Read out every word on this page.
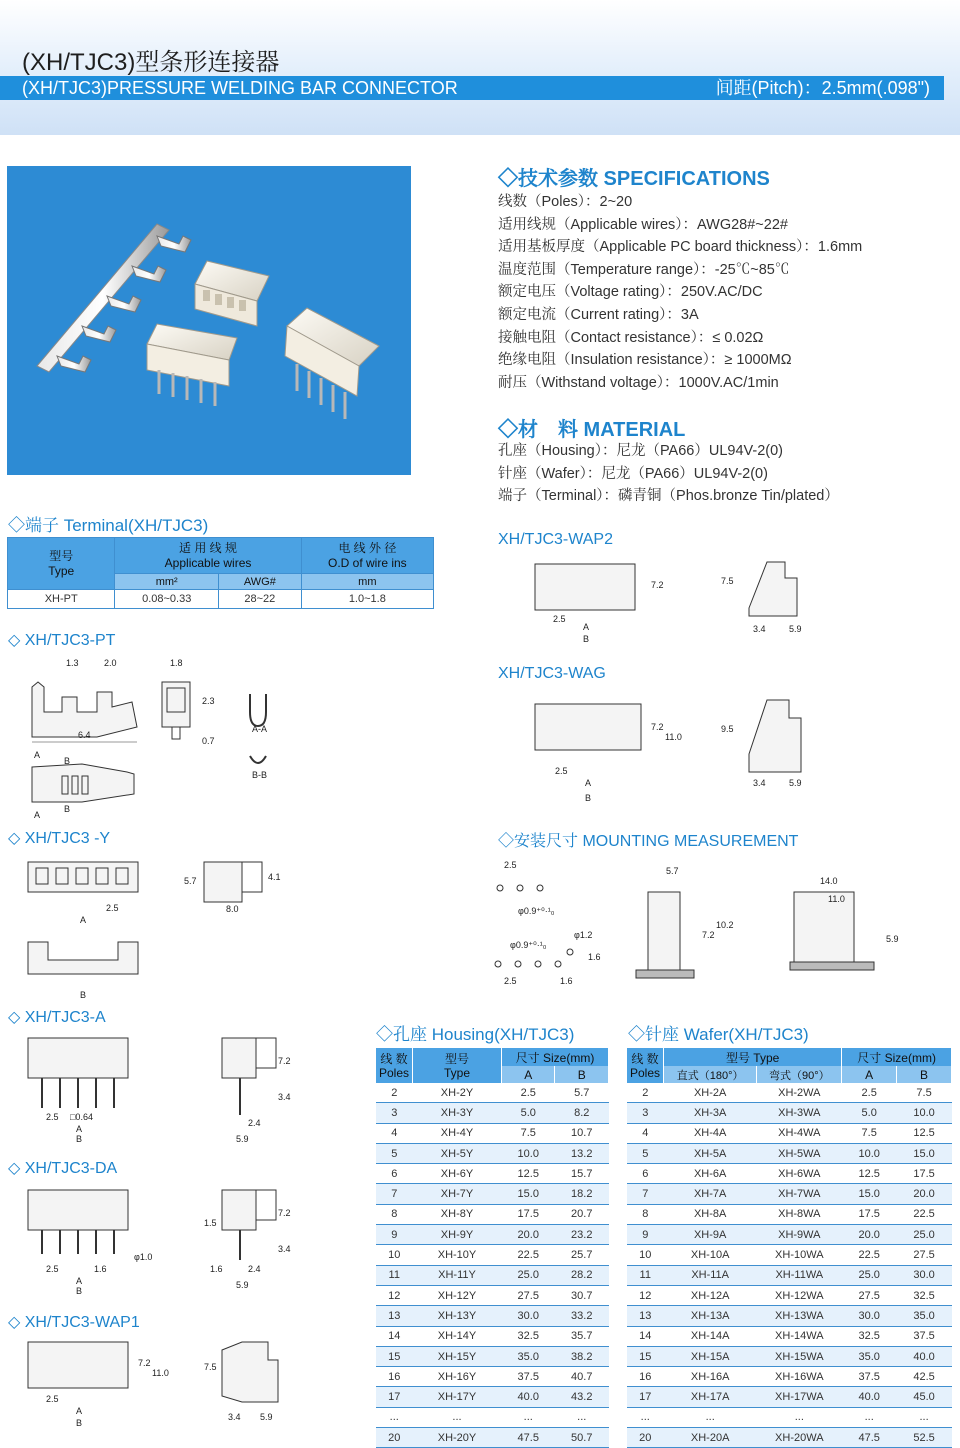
(XH/TJC3)型条形连接器
(XH/TJC3)PRESSURE WELDING BAR CONNECTOR	间距(Pitch)：2.5mm(.098")
◇技术参数 SPECIFICATIONS
线数（Poles）：2~20
适用线规（Applicable wires）：AWG28#~22#
适用基板厚度（Applicable PC board thickness）：1.6mm
温度范围（Temperature range）：-25℃~85℃
额定电压（Voltage rating）：250V.AC/DC
额定电流（Current rating）：3A
接触电阻（Contact resistance）：≤ 0.02Ω
绝缘电阻（Insulation resistance）：≥ 1000MΩ
耐压（Withstand voltage）：1000V.AC/1min
◇材　料 MATERIAL
孔座（Housing）：尼龙（PA66）UL94V-2(0)
针座（Wafer）：尼龙（PA66）UL94V-2(0)
端子（Terminal）：磷青铜（Phos.bronze Tin/plated）
◇端子 Terminal(XH/TJC3)
型号
Type	适 用 线 规
Applicable wires		电 线 外 径
O.D of wire ins
	mm²	AWG#	mm
XH-PT	0.08~0.33	28~22	1.0~1.8
◇ XH/TJC3-PT
◇ XH/TJC3 -Y
◇ XH/TJC3-A
◇ XH/TJC3-DA
◇ XH/TJC3-WAP1
XH/TJC3-WAP2
XH/TJC3-WAG
◇安装尺寸 MOUNTING MEASUREMENT
1.3	2.0
6.4
1.8
2.3
0.7
A-A
B-B
A
B
A
B
2.5
A
B
5.7	4.1
8.0
2.5 □0.64
A
B
7.2
3.4
2.4
5.9
2.5	1.6
φ1.0
A
B
1.5
7.2
3.4
1.6	2.4
5.9
7.2
11.0
2.5
A
B
7.5
3.4 5.9
7.2
2.5
A
B
7.5
3.4	5.9
7.2
11.0
2.5
A
B
9.5
3.4	5.9
2.5
φ0.9⁺⁰·¹₀
φ0.9⁺⁰·¹₀
φ1.2
1.6
2.5	1.6
5.7
7.2
10.2
14.0
11.0
5.9
◇孔座 Housing(XH/TJC3)
线 数
Poles	型号
Type	尺寸 Size(mm)	
		A	B
2	XH-2Y	2.5	5.7
3	XH-3Y	5.0	8.2
4	XH-4Y	7.5	10.7
5	XH-5Y	10.0	13.2
6	XH-6Y	12.5	15.7
7	XH-7Y	15.0	18.2
8	XH-8Y	17.5	20.7
9	XH-9Y	20.0	23.2
10	XH-10Y	22.5	25.7
11	XH-11Y	25.0	28.2
12	XH-12Y	27.5	30.7
13	XH-13Y	30.0	33.2
14	XH-14Y	32.5	35.7
15	XH-15Y	35.0	38.2
16	XH-16Y	37.5	40.7
17	XH-17Y	40.0	43.2
...	...	...	...
20	XH-20Y	47.5	50.7
◇针座 Wafer(XH/TJC3)
线 数
Poles	型号 Type		尺寸 Size(mm)	
	直式（180°）	弯式（90°）	A	B
2	XH-2A	XH-2WA	2.5	7.5
3	XH-3A	XH-3WA	5.0	10.0
4	XH-4A	XH-4WA	7.5	12.5
5	XH-5A	XH-5WA	10.0	15.0
6	XH-6A	XH-6WA	12.5	17.5
7	XH-7A	XH-7WA	15.0	20.0
8	XH-8A	XH-8WA	17.5	22.5
9	XH-9A	XH-9WA	20.0	25.0
10	XH-10A	XH-10WA	22.5	27.5
11	XH-11A	XH-11WA	25.0	30.0
12	XH-12A	XH-12WA	27.5	32.5
13	XH-13A	XH-13WA	30.0	35.0
14	XH-14A	XH-14WA	32.5	37.5
15	XH-15A	XH-15WA	35.0	40.0
16	XH-16A	XH-16WA	37.5	42.5
17	XH-17A	XH-17WA	40.0	45.0
...	...	...	...	...
20	XH-20A	XH-20WA	47.5	52.5
